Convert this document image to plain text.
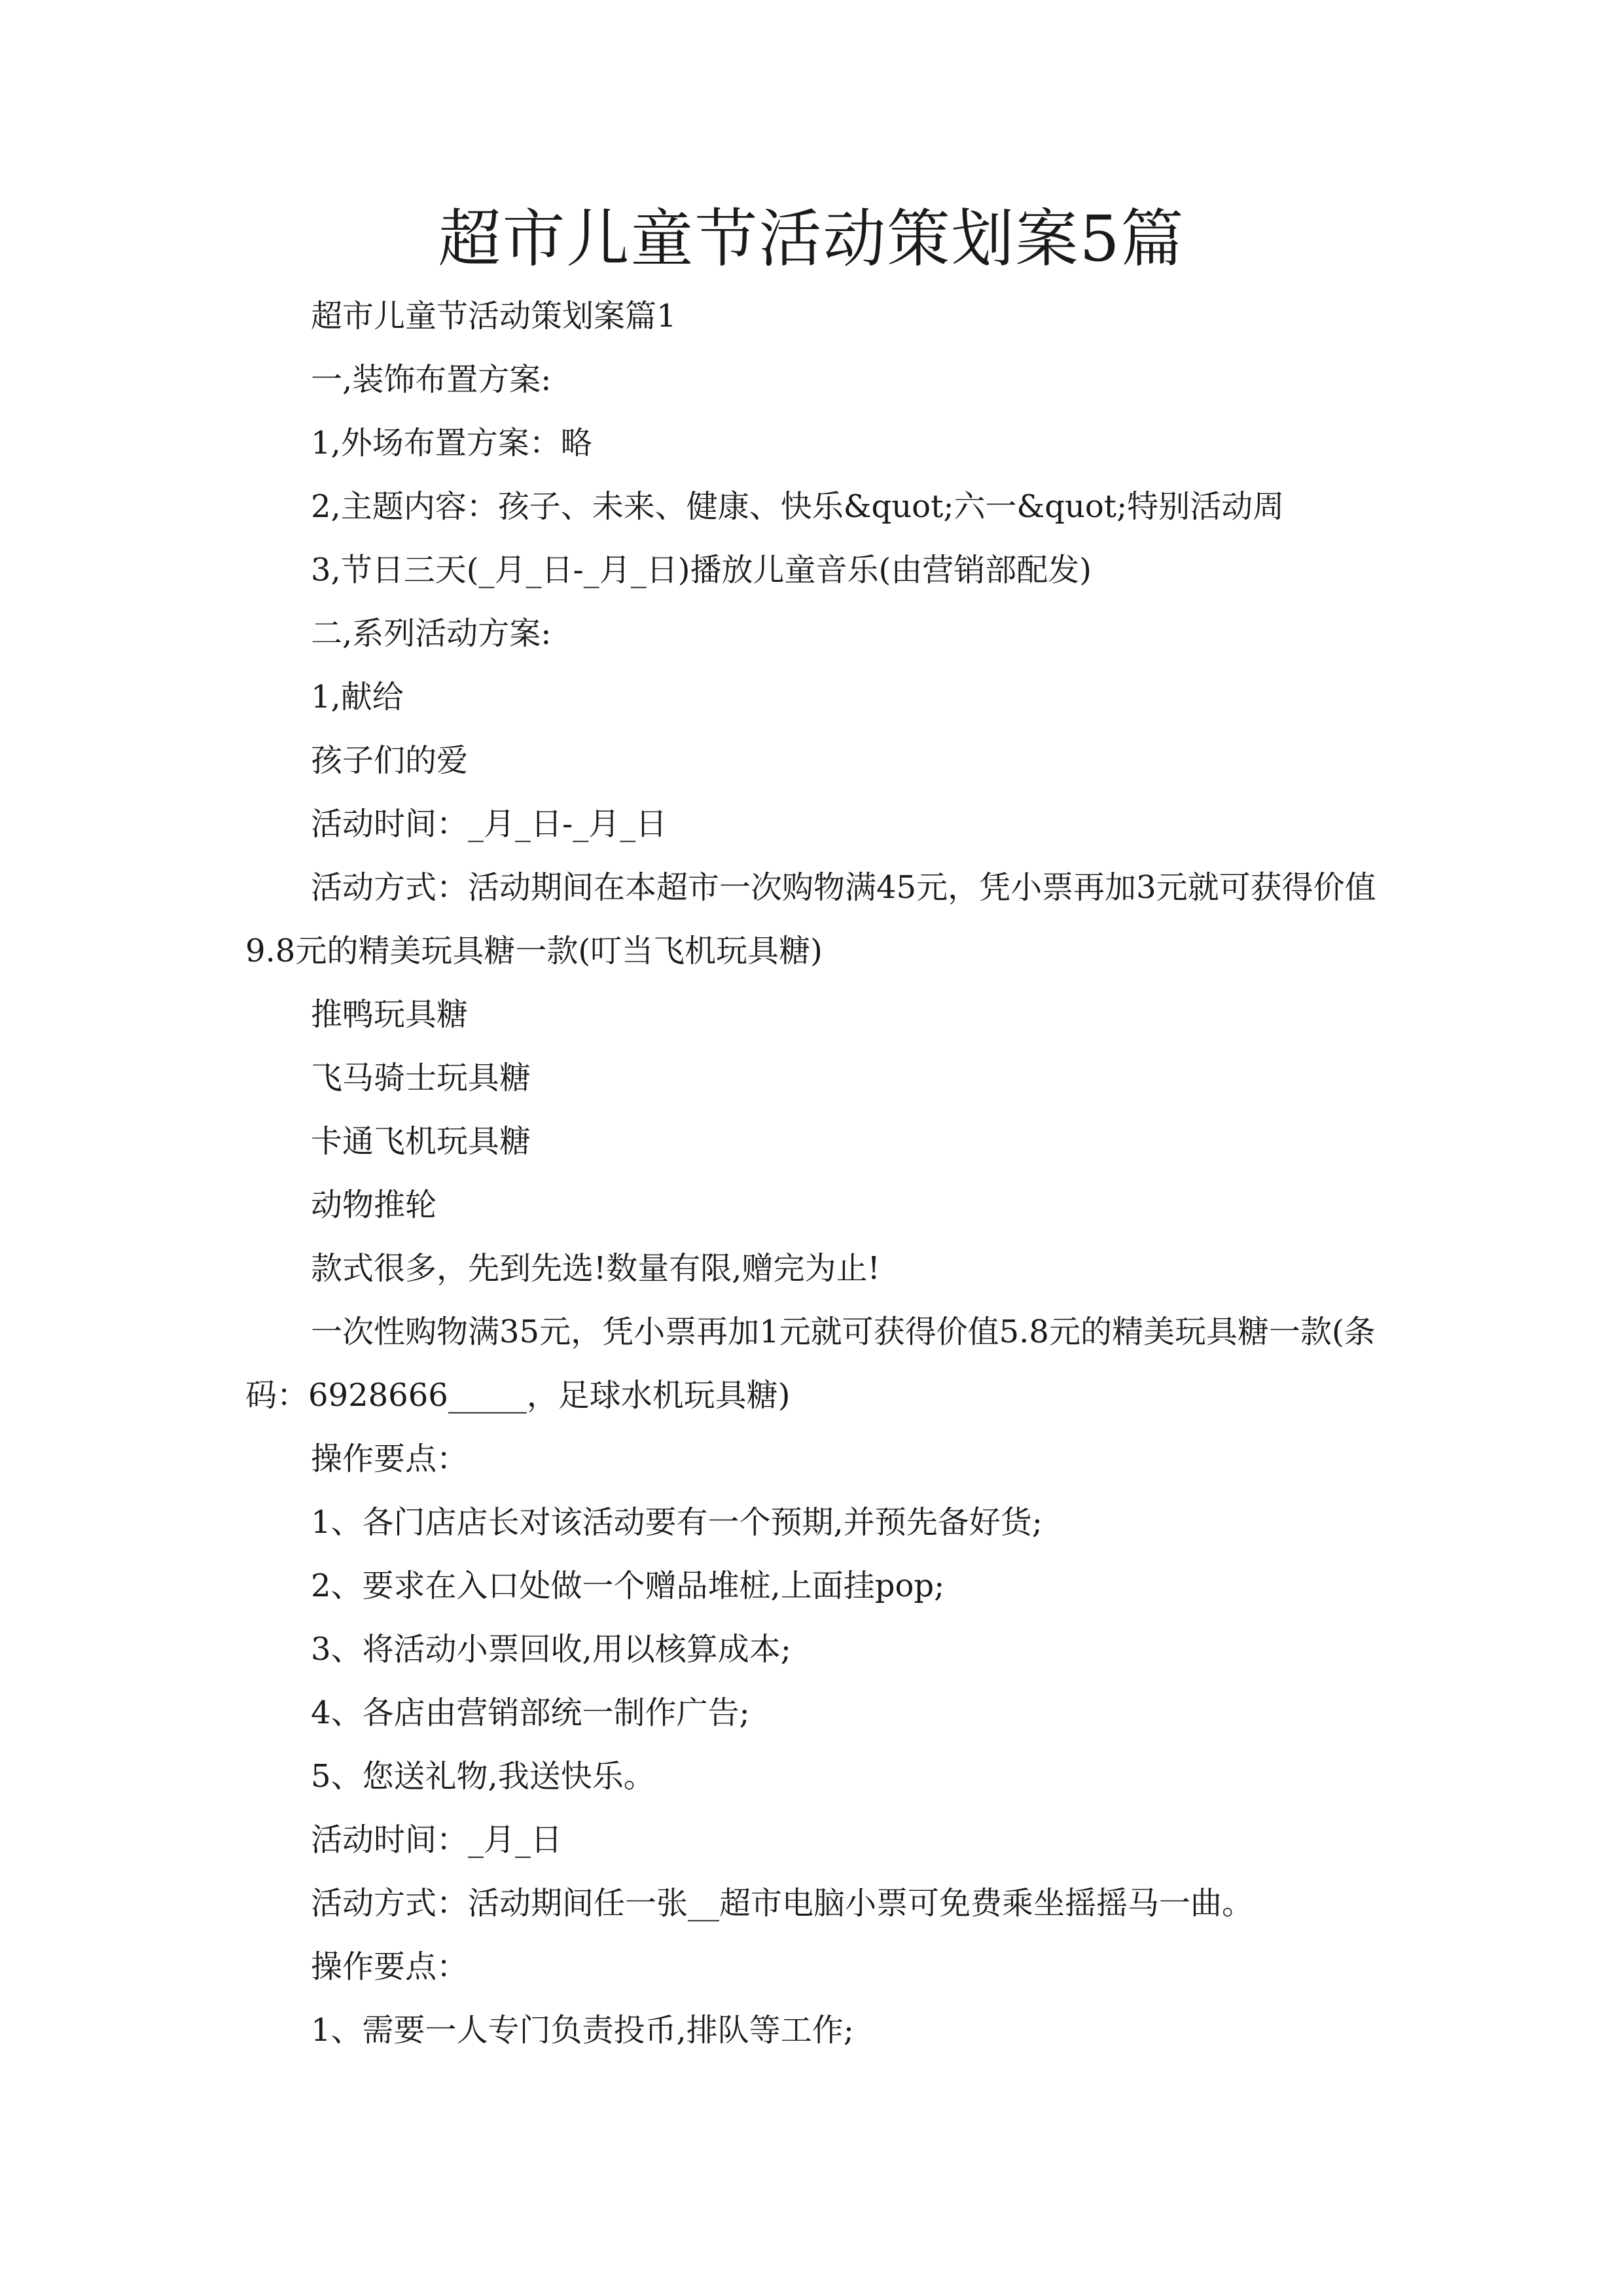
超市儿童节活动策划案5篇

超市儿童节活动策划案篇1

一,装饰布置方案:

1,外场布置方案：略

2,主题内容：孩子、未来、健康、快乐&quot;六一&quot;特别活动周

3,节日三天(_月_日-_月_日)播放儿童音乐(由营销部配发)

二,系列活动方案:

1,献给

孩子们的爱

活动时间：_月_日-_月_日

活动方式：活动期间在本超市一次购物满45元，凭小票再加3元就可获得价值9.8元的精美玩具糖一款(叮当飞机玩具糖)

推鸭玩具糖

飞马骑士玩具糖

卡通飞机玩具糖

动物推轮

款式很多，先到先选!数量有限,赠完为止!

一次性购物满35元，凭小票再加1元就可获得价值5.8元的精美玩具糖一款(条码：6928666_____，足球水机玩具糖)

操作要点：

1、各门店店长对该活动要有一个预期,并预先备好货;

2、要求在入口处做一个赠品堆桩,上面挂pop;

3、将活动小票回收,用以核算成本;

4、各店由营销部统一制作广告;

5、您送礼物,我送快乐。

活动时间：_月_日

活动方式：活动期间任一张__超市电脑小票可免费乘坐摇摇马一曲。

操作要点：

1、需要一人专门负责投币,排队等工作;
